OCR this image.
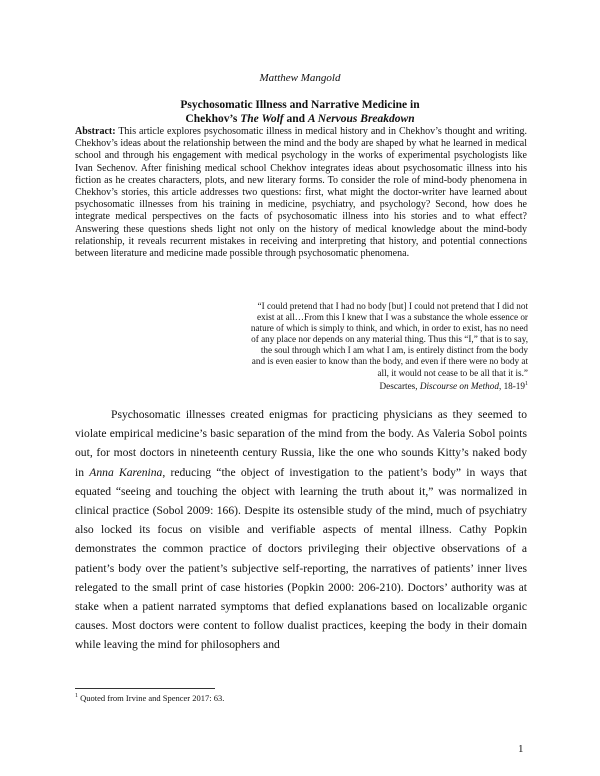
Matthew Mangold
Psychosomatic Illness and Narrative Medicine in
Chekhov’s The Wolf and A Nervous Breakdown
Abstract: This article explores psychosomatic illness in medical history and in Chekhov’s thought and writing. Chekhov’s ideas about the relationship between the mind and the body are shaped by what he learned in medical school and through his engagement with medical psychology in the works of experimental psychologists like Ivan Sechenov. After finishing medical school Chekhov integrates ideas about psychosomatic illness into his fiction as he creates characters, plots, and new literary forms. To consider the role of mind-body phenomena in Chekhov’s stories, this article addresses two questions: first, what might the doctor-writer have learned about psychosomatic illnesses from his training in medicine, psychiatry, and psychology? Second, how does he integrate medical perspectives on the facts of psychosomatic illness into his stories and to what effect? Answering these questions sheds light not only on the history of medical knowledge about the mind-body relationship, it reveals recurrent mistakes in receiving and interpreting that history, and potential connections between literature and medicine made possible through psychosomatic phenomena.
“I could pretend that I had no body [but] I could not pretend that I did not exist at all…From this I knew that I was a substance the whole essence or nature of which is simply to think, and which, in order to exist, has no need of any place nor depends on any material thing. Thus this “I,” that is to say, the soul through which I am what I am, is entirely distinct from the body and is even easier to know than the body, and even if there were no body at all, it would not cease to be all that it is.”
Descartes, Discourse on Method, $18-19^1$

Psychosomatic illnesses created enigmas for practicing physicians as they seemed to violate empirical medicine’s basic separation of the mind from the body. As Valeria Sobol points out, for most doctors in nineteenth century Russia, like the one who sounds Kitty’s naked body in Anna Karenina, reducing “the object of investigation to the patient’s body” in ways that equated “seeing and touching the object with learning the truth about it,” was normalized in clinical practice (Sobol 2009: 166). Despite its ostensible study of the mind, much of psychiatry also locked its focus on visible and verifiable aspects of mental illness. Cathy Popkin demonstrates the common practice of doctors privileging their objective observations of a patient’s body over the patient’s subjective self-reporting, the narratives of patients’ inner lives relegated to the small print of case histories (Popkin 2000: 206-210). Doctors’ authority was at stake when a patient narrated symptoms that defied explanations based on localizable organic causes. Most doctors were content to follow dualist practices, keeping the body in their domain while leaving the mind for philosophers and

$^1$ Quoted from Irvine and Spencer 2017: 63.
1
